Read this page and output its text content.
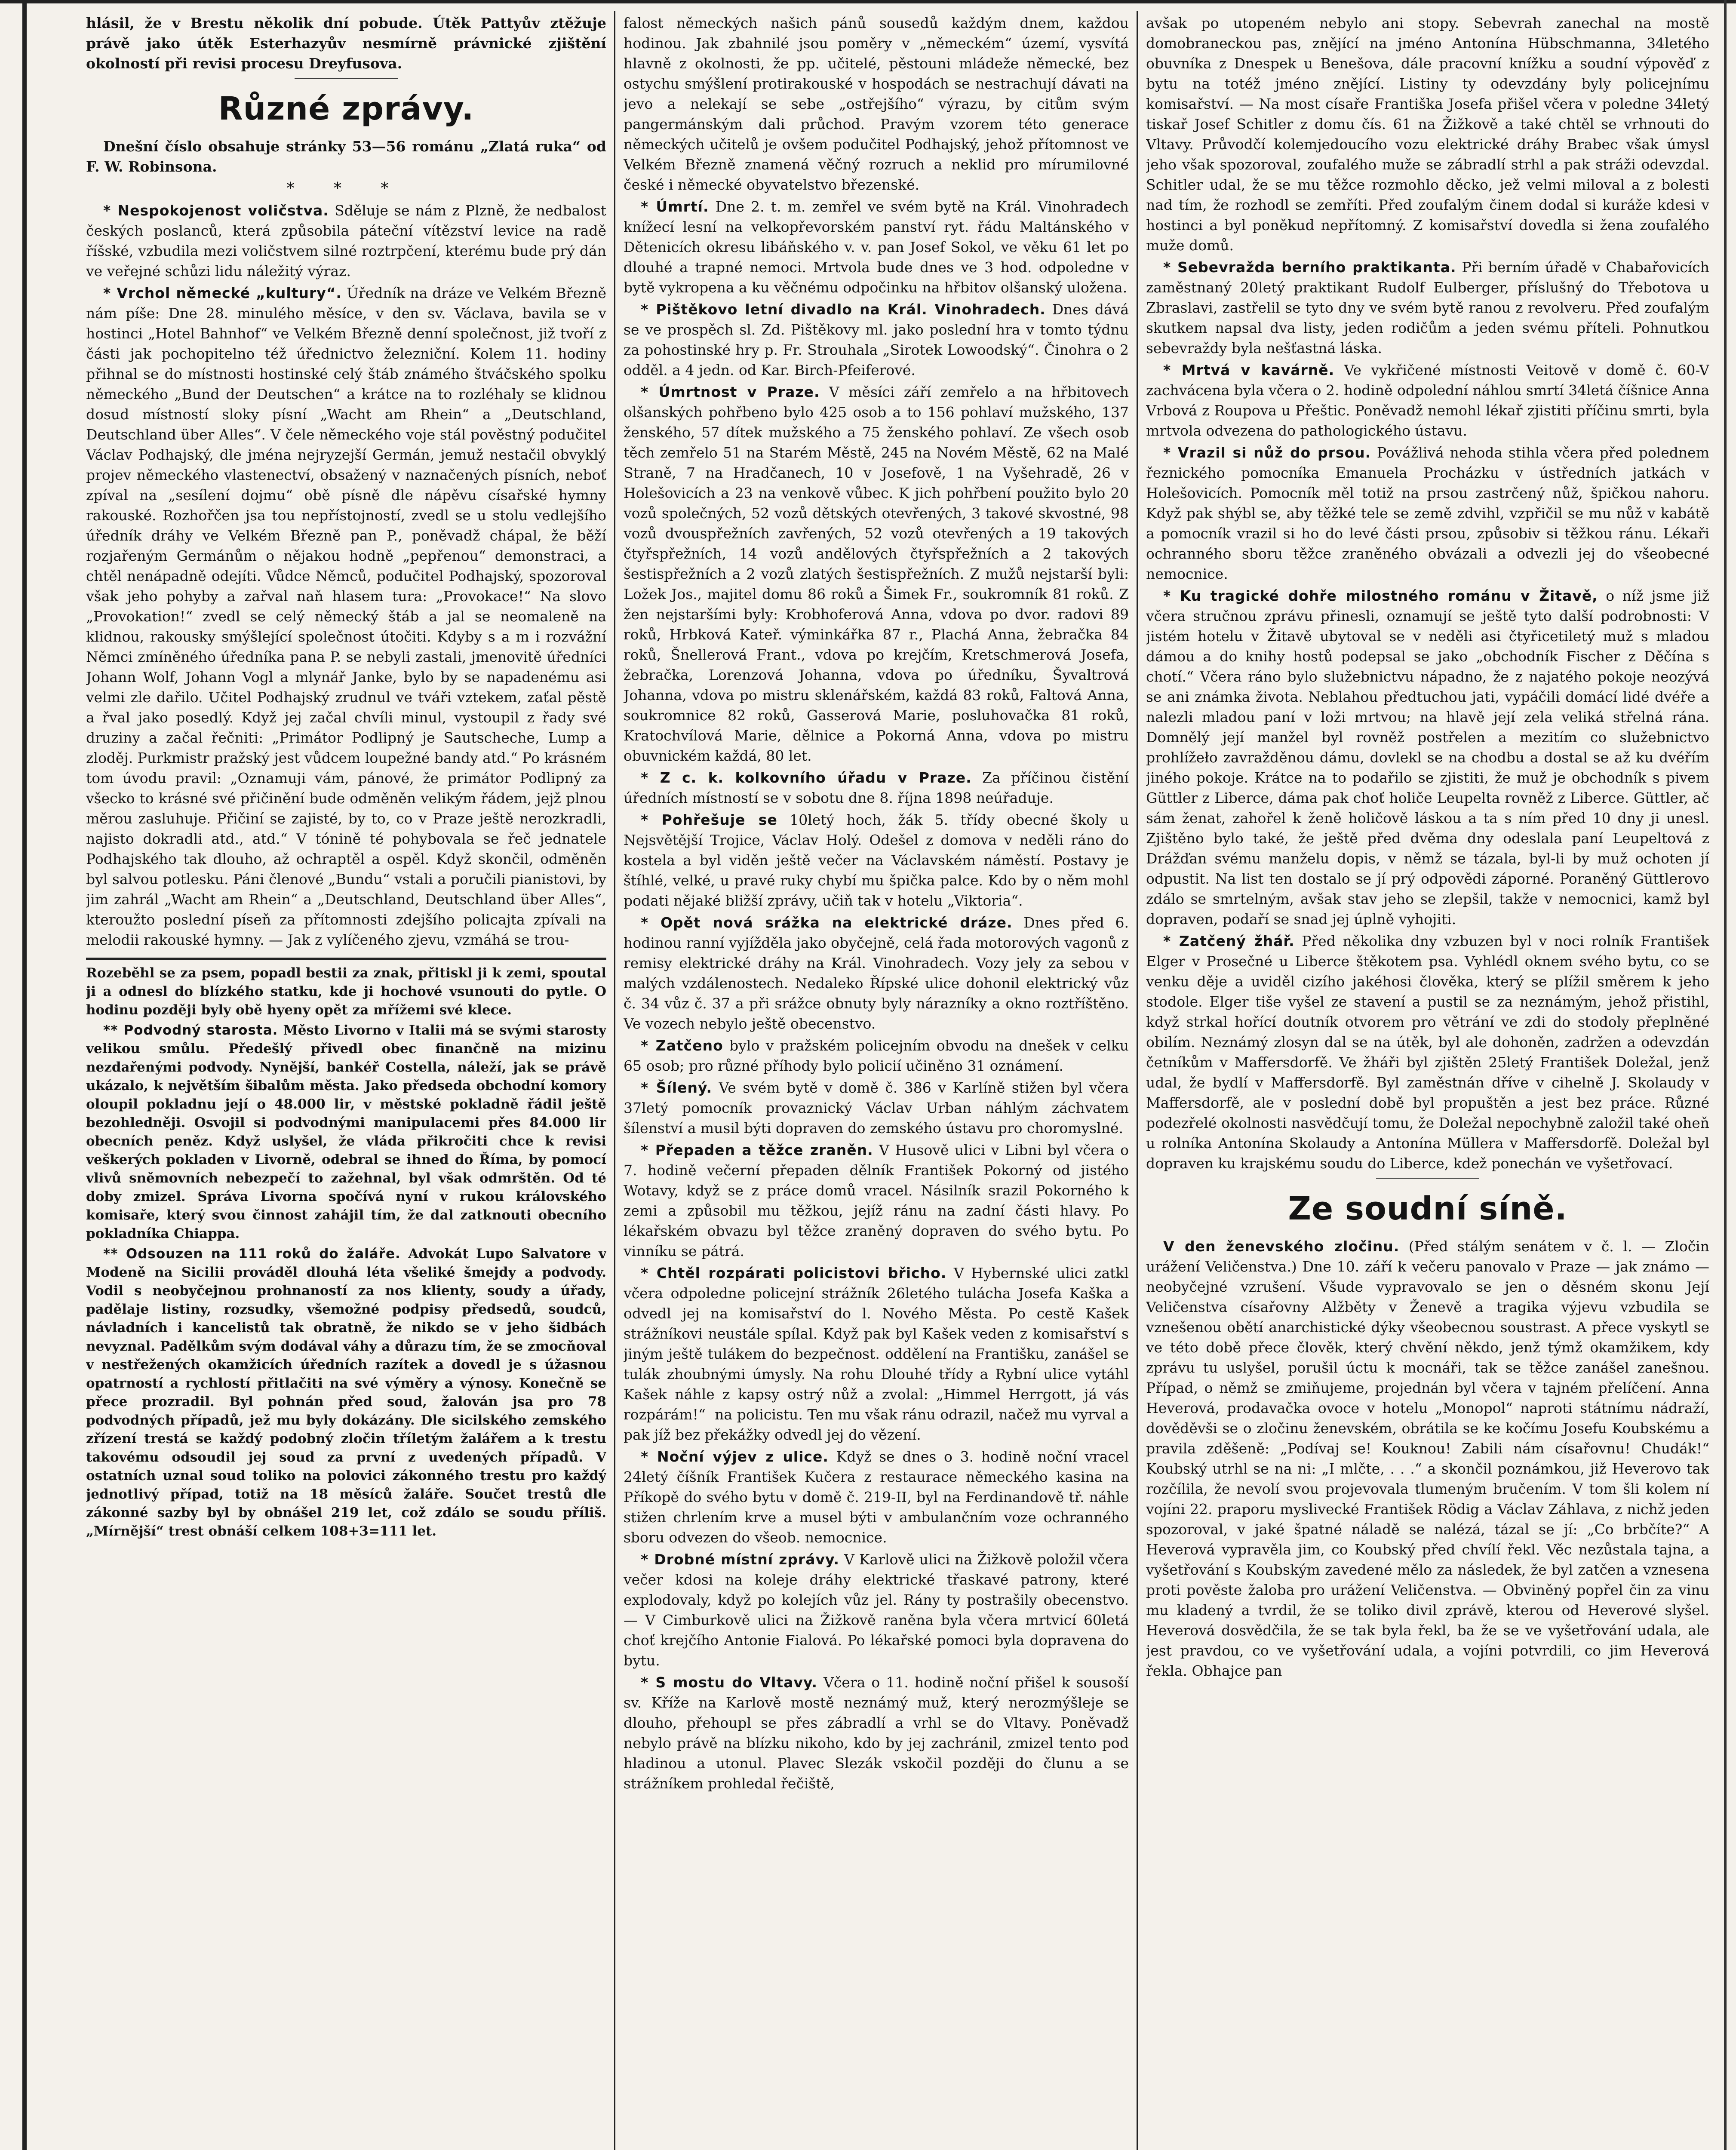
hlásil, že v Brestu několik dní pobude. Útěk Pattyův ztěžuje právě jako útěk Esterhazyův nesmírně právnické zjištění okolností při revisi procesu Dreyfusova.

Různé zprávy.

Dnešní číslo obsahuje stránky 53—56 románu „Zlatá ruka“ od F. W. Robinsona.

* * *

* Nespokojenost voličstva. Sděluje se nám z Plzně, že nedbalost českých poslanců, která způsobila páteční vítězství levice na radě říšské, vzbudila mezi voličstvem silné roztrpčení, kterému bude prý dán ve veřejné schůzi lidu náležitý výraz.

* Vrchol německé „kultury“. Úředník na dráze ve Velkém Březně nám píše: Dne 28. minulého měsíce, v den sv. Václava, bavila se v hostinci „Hotel Bahnhof“ ve Velkém Březně denní společnost, již tvoří z části jak pochopitelno též úřednictvo železniční. Kolem 11. hodiny přihnal se do místnosti hostinské celý štáb známého štváčského spolku německého „Bund der Deutschen“ a krátce na to rozléhaly se klidnou dosud místností sloky písní „Wacht am Rhein“ a „Deutschland, Deutschland über Alles“. V čele německého voje stál pověstný podučitel Václav Podhajský, dle jména nejryzejší Germán, jemuž nestačil obvyklý projev německého vlastenectví, obsažený v naznačených písních, neboť zpíval na „sesílení dojmu“ obě písně dle nápěvu císařské hymny rakouské. Rozhořčen jsa tou nepřístojností, zvedl se u stolu vedlejšího úředník dráhy ve Velkém Březně pan P., poněvadž chápal, že běží rozjařeným Germánům o nějakou hodně „pepřenou“ demonstraci, a chtěl nenápadně odejíti. Vůdce Němců, podučitel Podhajský, spozoroval však jeho pohyby a zařval naň hlasem tura: „Provokace!“ Na slovo „Provokation!“ zvedl se celý německý štáb a jal se neomaleně na klidnou, rakousky smýšlející společnost útočiti. Kdyby s a m i rozvážní Němci zmíněného úředníka pana P. se nebyli zastali, jmenovitě úředníci Johann Wolf, Johann Vogl a mlynář Janke, bylo by se napadenému asi velmi zle dařilo. Učitel Podhajský zrudnul ve tváři vztekem, zaťal pěstě a řval jako posedlý. Když jej začal chvíli minul, vystoupil z řady své druziny a začal řečniti: „Primátor Podlipný je Sautscheche, Lump a zloděj. Purkmistr pražský jest vůdcem loupežné bandy atd.“ Po krásném tom úvodu pravil: „Oznamuji vám, pánové, že primátor Podlipný za všecko to krásné své přičinění bude odměněn velikým řádem, jejž plnou měrou zasluhuje. Přičiní se zajisté, by to, co v Praze ještě nerozkradli, najisto dokradli atd., atd.“ V tónině té pohybovala se řeč jednatele Podhajského tak dlouho, až ochraptěl a ospěl. Když skončil, odměněn byl salvou potlesku. Páni členové „Bundu“ vstali a poručili pianistovi, by jim zahrál „Wacht am Rhein“ a „Deutschland, Deutschland über Alles“, kteroužto poslední píseň za přítomnosti zdejšího policajta zpívali na melodii rakouské hymny. — Jak z vylíčeného zjevu, vzmáhá se trou-

Rozeběhl se za psem, popadl bestii za znak, přitiskl ji k zemi, spoutal ji a odnesl do blízkého statku, kde ji hochové vsunouti do pytle. O hodinu později byly obě hyeny opět za mřížemi své klece.

** Podvodný starosta. Město Livorno v Italii má se svými starosty velikou smůlu. Předešlý přivedl obec finančně na mizinu nezdařenými podvody. Nynější, bankéř Costella, náleží, jak se právě ukázalo, k největším šibalům města. Jako předseda obchodní komory oloupil pokladnu její o 48.000 lir, v městské pokladně řádil ještě bezohledněji. Osvojil si podvodnými manipulacemi přes 84.000 lir obecních peněz. Když uslyšel, že vláda přikročiti chce k revisi veškerých pokladen v Livorně, odebral se ihned do Říma, by pomocí vlivů sněmovních nebezpečí to zažehnal, byl však odmrštěn. Od té doby zmizel. Správa Livorna spočívá nyní v rukou královského komisaře, který svou činnost zahájil tím, že dal zatknouti obecního pokladníka Chiappa.

** Odsouzen na 111 roků do žaláře. Advokát Lupo Salvatore v Modeně na Sicilii prováděl dlouhá léta všeliké šmejdy a podvody. Vodil s neobyčejnou prohnaností za nos klienty, soudy a úřady, padělaje listiny, rozsudky, všemožné podpisy předsedů, soudců, návladních i kancelistů tak obratně, že nikdo se v jeho šidbách nevyznal. Padělkům svým dodával váhy a důrazu tím, že se zmocňoval v nestřežených okamžicích úředních razítek a dovedl je s úžasnou opatrností a rychlostí přitlačiti na své výměry a výnosy. Konečně se přece prozradil. Byl pohnán před soud, žalován jsa pro 78 podvodných případů, jež mu byly dokázány. Dle sicilského zemského zřízení trestá se každý podobný zločin tříletým žalářem a k trestu takovému odsoudil jej soud za první z uvedených případů. V ostatních uznal soud toliko na polovici zákonného trestu pro každý jednotlivý případ, totiž na 18 měsíců žaláře. Součet trestů dle zákonné sazby byl by obnášel 219 let, což zdálo se soudu příliš. „Mírnější“ trest obnáší celkem 108+3=111 let.

falost německých našich pánů sousedů každým dnem, každou hodinou. Jak zbahnilé jsou poměry v „německém“ území, vysvítá hlavně z okolnosti, že pp. učitelé, pěstouni mládeže německé, bez ostychu smýšlení protirakouské v hospodách se nestrachují dávati na jevo a nelekají se sebe „ostřejšího“ výrazu, by citům svým pangermánským dali průchod. Pravým vzorem této generace německých učitelů je ovšem podučitel Podhajský, jehož přítomnost ve Velkém Březně znamená věčný rozruch a neklid pro mírumilovné české i německé obyvatelstvo březenské.

* Úmrtí. Dne 2. t. m. zemřel ve svém bytě na Král. Vinohradech knížecí lesní na velkopřevorském panství ryt. řádu Maltánského v Dětenicích okresu libáňského v. v. pan Josef Sokol, ve věku 61 let po dlouhé a trapné nemoci. Mrtvola bude dnes ve 3 hod. odpoledne v bytě vykropena a ku věčnému odpočinku na hřbitov olšanský uložena.

* Pištěkovo letní divadlo na Král. Vinohradech. Dnes dává se ve prospěch sl. Zd. Pištěkovy ml. jako poslední hra v tomto týdnu za pohostinské hry p. Fr. Strouhala „Sirotek Lowoodský“. Činohra o 2 odděl. a 4 jedn. od Kar. Birch-Pfeiferové.

* Úmrtnost v Praze. V měsíci září zemřelo a na hřbitovech olšanských pohřbeno bylo 425 osob a to 156 pohlaví mužského, 137 ženského, 57 dítek mužského a 75 ženského pohlaví. Ze všech osob těch zemřelo 51 na Starém Městě, 245 na Novém Městě, 62 na Malé Straně, 7 na Hradčanech, 10 v Josefově, 1 na Vyšehradě, 26 v Holešovicích a 23 na venkově vůbec. K jich pohřbení použito bylo 20 vozů společných, 52 vozů dětských otevřených, 3 takové skvostné, 98 vozů dvouspřežních zavřených, 52 vozů otevřených a 19 takových čtyřspřežních, 14 vozů andělových čtyřspřežních a 2 takových šestispřežních a 2 vozů zlatých šestispřežních. Z mužů nejstarší byli: Ložek Jos., majitel domu 86 roků a Šimek Fr., soukromník 81 roků. Z žen nejstaršími byly: Krobhoferová Anna, vdova po dvor. radovi 89 roků, Hrbková Kateř. výminkářka 87 r., Plachá Anna, žebračka 84 roků, Šnellerová Frant., vdova po krejčím, Kretschmerová Josefa, žebračka, Lorenzová Johanna, vdova po úředníku, Šyvaltrová Johanna, vdova po mistru sklenářském, každá 83 roků, Faltová Anna, soukromnice 82 roků, Gasserová Marie, posluhovačka 81 roků, Kratochvílová Marie, dělnice a Pokorná Anna, vdova po mistru obuvnickém každá, 80 let.

* Z c. k. kolkovního úřadu v Praze. Za příčinou čistění úředních místností se v sobotu dne 8. října 1898 neúřaduje.

* Pohřešuje se 10letý hoch, žák 5. třídy obecné školy u Nejsvětější Trojice, Václav Holý. Odešel z domova v neděli ráno do kostela a byl viděn ještě večer na Václavském náměstí. Postavy je štíhlé, velké, u pravé ruky chybí mu špička palce. Kdo by o něm mohl podati nějaké bližší zprávy, učiň tak v hotelu „Viktoria“.

* Opět nová srážka na elektrické dráze. Dnes před 6. hodinou ranní vyjížděla jako obyčejně, celá řada motorových vagonů z remisy elektrické dráhy na Král. Vinohradech. Vozy jely za sebou v malých vzdálenostech. Nedaleko Řípské ulice dohonil elektrický vůz č. 34 vůz č. 37 a při srážce obnuty byly nárazníky a okno roztříštěno. Ve vozech nebylo ještě obecenstvo.

* Zatčeno bylo v pražském policejním obvodu na dnešek v celku 65 osob; pro různé příhody bylo policií učiněno 31 oznámení.

* Šílený. Ve svém bytě v domě č. 386 v Karlíně stižen byl včera 37letý pomocník provaznický Václav Urban náhlým záchvatem šílenství a musil býti dopraven do zemského ústavu pro choromyslné.

* Přepaden a těžce zraněn. V Husově ulici v Libni byl včera o 7. hodině večerní přepaden dělník František Pokorný od jistého Wotavy, když se z práce domů vracel. Násilník srazil Pokorného k zemi a způsobil mu těžkou, jejíž ránu na zadní části hlavy. Po lékařském obvazu byl těžce zraněný dopraven do svého bytu. Po vinníku se pátrá.

* Chtěl rozpárati policistovi břicho. V Hybernské ulici zatkl včera odpoledne policejní strážník 26letého tulácha Josefa Kaška a odvedl jej na komisařství do l. Nového Města. Po cestě Kašek strážníkovi neustále spílal. Když pak byl Kašek veden z komisařství s jiným ještě tulákem do bezpečnost. oddělení na Františku, zanášel se tulák zhoubnými úmysly. Na rohu Dlouhé třídy a Rybní ulice vytáhl Kašek náhle z kapsy ostrý nůž a zvolal: „Himmel Herrgott, já vás rozpárám!“ na policistu. Ten mu však ránu odrazil, načež mu vyrval a pak jíž bez překážky odvedl jej do vězení.

* Noční výjev z ulice. Když se dnes o 3. hodině noční vracel 24letý číšník František Kučera z restaurace německého kasina na Příkopě do svého bytu v domě č. 219-II, byl na Ferdinandově tř. náhle stižen chrlením krve a musel býti v ambulančním voze ochranného sboru odvezen do všeob. nemocnice.

* Drobné místní zprávy. V Karlově ulici na Žižkově položil včera večer kdosi na koleje dráhy elektrické třaskavé patrony, které explodovaly, když po kolejích vůz jel. Rány ty postrašily obecenstvo. — V Cimburkově ulici na Žižkově raněna byla včera mrtvicí 60letá choť krejčího Antonie Fialová. Po lékařské pomoci byla dopravena do bytu.

* S mostu do Vltavy. Včera o 11. hodině noční přišel k sousoší sv. Kříže na Karlově mostě neznámý muž, který nerozmýšleje se dlouho, přehoupl se přes zábradlí a vrhl se do Vltavy. Poněvadž nebylo právě na blízku nikoho, kdo by jej zachránil, zmizel tento pod hladinou a utonul. Plavec Slezák vskočil později do člunu a se strážníkem prohledal řečiště,

avšak po utopeném nebylo ani stopy. Sebevrah zanechal na mostě domobraneckou pas, znějící na jméno Antonína Hübschmanna, 34letého obuvníka z Dnespek u Benešova, dále pracovní knížku a soudní výpověď z bytu na totéž jméno znějící. Listiny ty odevzdány byly policejnímu komisařství. — Na most císaře Františka Josefa přišel včera v poledne 34letý tiskař Josef Schitler z domu čís. 61 na Žižkově a také chtěl se vrhnouti do Vltavy. Průvodčí kolemjedoucího vozu elektrické dráhy Brabec však úmysl jeho však spozoroval, zoufalého muže se zábradlí strhl a pak stráži odevzdal. Schitler udal, že se mu těžce rozmohlo děcko, jež velmi miloval a z bolesti nad tím, že rozhodl se zemříti. Před zoufalým činem dodal si kuráže kdesi v hostinci a byl poněkud nepřítomný. Z komisařství dovedla si žena zoufalého muže domů.

* Sebevražda berního praktikanta. Při berním úřadě v Chabařovicích zaměstnaný 20letý praktikant Rudolf Eulberger, příslušný do Třebotova u Zbraslavi, zastřelil se tyto dny ve svém bytě ranou z revolveru. Před zoufalým skutkem napsal dva listy, jeden rodičům a jeden svému příteli. Pohnutkou sebevraždy byla nešťastná láska.

* Mrtvá v kavárně. Ve vykřičené místnosti Veitově v domě č. 60-V zachvácena byla včera o 2. hodině odpolední náhlou smrtí 34letá číšnice Anna Vrbová z Roupova u Přeštic. Poněvadž nemohl lékař zjistiti příčinu smrti, byla mrtvola odvezena do pathologického ústavu.

* Vrazil si nůž do prsou. Povážlivá nehoda stihla včera před polednem řeznického pomocníka Emanuela Procházku v ústředních jatkách v Holešovicích. Pomocník měl totiž na prsou zastrčený nůž, špičkou nahoru. Když pak shýbl se, aby těžké tele se země zdvihl, vzpřičil se mu nůž v kabátě a pomocník vrazil si ho do levé části prsou, způsobiv si těžkou ránu. Lékaři ochranného sboru těžce zraněného obvázali a odvezli jej do všeobecné nemocnice.

* Ku tragické dohře milostného románu v Žitavě, o níž jsme již včera stručnou zprávu přinesli, oznamují se ještě tyto další podrobnosti: V jistém hotelu v Žitavě ubytoval se v neděli asi čtyřicetiletý muž s mladou dámou a do knihy hostů podepsal se jako „obchodník Fischer z Děčína s chotí.“ Včera ráno bylo služebnictvu nápadno, že z najatého pokoje neozývá se ani známka života. Neblahou předtuchou jati, vypáčili domácí lidé dvéře a nalezli mladou paní v loži mrtvou; na hlavě její zela veliká střelná rána. Domnělý její manžel byl rovněž postřelen a mezitím co služebnictvo prohlížeło zavražděnou dámu, dovlekl se na chodbu a dostal se až ku dvéřím jiného pokoje. Krátce na to podařilo se zjistiti, že muž je obchodník s pivem Güttler z Liberce, dáma pak choť holiče Leupelta rovněž z Liberce. Güttler, ač sám ženat, zahořel k ženě holičově láskou a ta s ním před 10 dny ji unesl. Zjištěno bylo také, že ještě před dvěma dny odeslala paní Leupeltová z Drážďan svému manželu dopis, v němž se tázala, byl-li by muž ochoten jí odpustit. Na list ten dostalo se jí prý odpovědi záporné. Poraněný Güttlerovo zdálo se smrtelným, avšak stav jeho se zlepšil, takže v nemocnici, kamž byl dopraven, podaří se snad jej úplně vyhojiti.

* Zatčený žhář. Před několika dny vzbuzen byl v noci rolník František Elger v Prosečné u Liberce štěkotem psa. Vyhlédl oknem svého bytu, co se venku děje a uviděl cizího jakéhosi člověka, který se plížil směrem k jeho stodole. Elger tiše vyšel ze stavení a pustil se za neznámým, jehož přistihl, když strkal hořící doutník otvorem pro větrání ve zdi do stodoly přeplněné obilím. Neznámý zlosyn dal se na útěk, byl ale dohoněn, zadržen a odevzdán četníkům v Maffersdorfě. Ve žháři byl zjištěn 25letý František Doležal, jenž udal, že bydlí v Maffersdorfě. Byl zaměstnán dříve v cihelně J. Skolaudy v Maffersdorfě, ale v poslední době byl propuštěn a jest bez práce. Různé podezřelé okolnosti nasvědčují tomu, že Doležal nepochybně založil také oheň u rolníka Antonína Skolaudy a Antonína Müllera v Maffersdorfě. Doležal byl dopraven ku krajskému soudu do Liberce, kdež ponechán ve vyšetřovací.

Ze soudní síně.

V den ženevského zločinu. (Před stálým senátem v č. l. — Zločin urážení Veličenstva.) Dne 10. září k večeru panovalo v Praze — jak známo — neobyčejné vzrušení. Všude vypravovalo se jen o děsném skonu Její Veličenstva císařovny Alžběty v Ženevě a tragika výjevu vzbudila se vznešenou obětí anarchistické dýky všeobecnou soustrast. A přece vyskytl se ve této době přece člověk, který chvění někdo, jenž týmž okamžikem, kdy zprávu tu uslyšel, porušil úctu k mocnáři, tak se těžce zanášel zanešnou. Případ, o němž se zmiňujeme, projednán byl včera v tajném přelíčení. Anna Heverová, prodavačka ovoce v hotelu „Monopol“ naproti státnímu nádraží, dověděvši se o zločinu ženevském, obrátila se ke kočímu Josefu Koubskému a pravila zděšeně: „Podívaj se! Kouknou! Zabili nám císařovnu! Chudák!“ Koubský utrhl se na ni: „I mlčte, . . .“ a skončil poznámkou, již Heverovo tak rozčílila, že nevolí svou projevovala tlumeným bručením. V tom šli kolem ní vojíni 22. praporu myslivecké František Rödig a Václav Záhlava, z nichž jeden spozoroval, v jaké špatné náladě se nalézá, tázal se jí: „Co brbčíte?“ A Heverová vypravěla jim, co Koubský před chvílí řekl. Věc nezůstala tajna, a vyšetřování s Koubským zavedené mělo za následek, že byl zatčen a vznesena proti pověste žaloba pro urážení Veličenstva. — Obviněný popřel čin za vinu mu kladený a tvrdil, že se toliko divil zprávě, kterou od Heverové slyšel. Heverová dosvědčila, že se tak byla řekl, ba že se ve vyšetřování udala, ale jest pravdou, co ve vyšetřování udala, a vojíni potvrdili, co jim Heverová řekla. Obhajce pan
